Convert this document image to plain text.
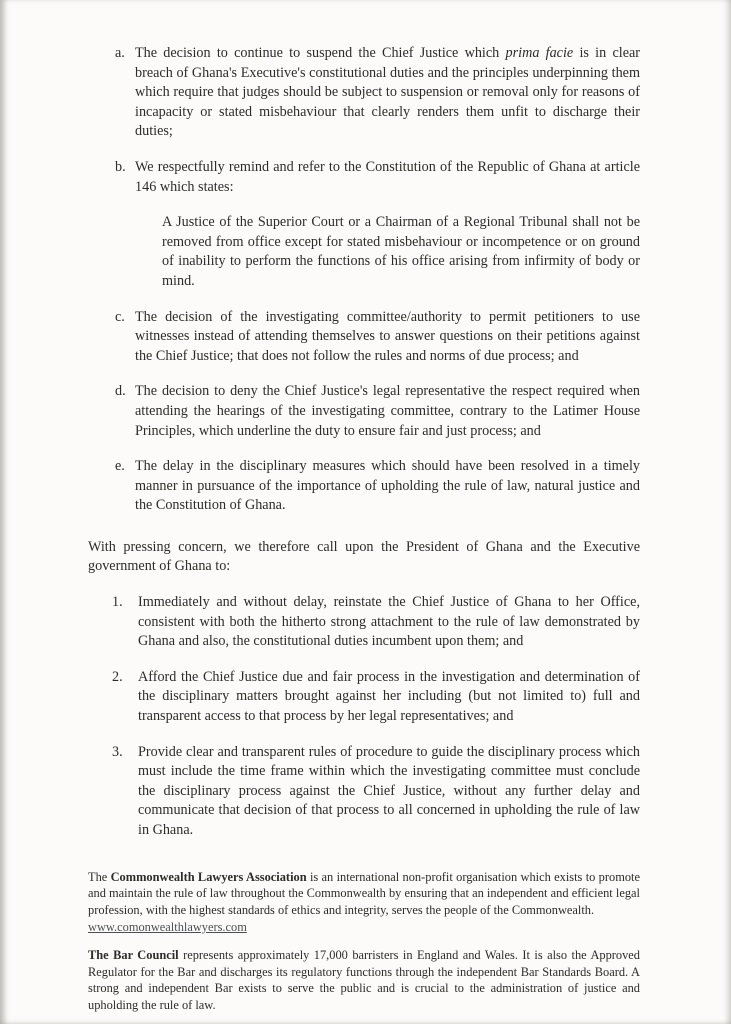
a. The decision to continue to suspend the Chief Justice which prima facie is in clear breach of Ghana's Executive's constitutional duties and the principles underpinning them which require that judges should be subject to suspension or removal only for reasons of incapacity or stated misbehaviour that clearly renders them unfit to discharge their duties;
b. We respectfully remind and refer to the Constitution of the Republic of Ghana at article 146 which states:
A Justice of the Superior Court or a Chairman of a Regional Tribunal shall not be removed from office except for stated misbehaviour or incompetence or on ground of inability to perform the functions of his office arising from infirmity of body or mind.
c. The decision of the investigating committee/authority to permit petitioners to use witnesses instead of attending themselves to answer questions on their petitions against the Chief Justice; that does not follow the rules and norms of due process; and
d. The decision to deny the Chief Justice's legal representative the respect required when attending the hearings of the investigating committee, contrary to the Latimer House Principles, which underline the duty to ensure fair and just process; and
e. The delay in the disciplinary measures which should have been resolved in a timely manner in pursuance of the importance of upholding the rule of law, natural justice and the Constitution of Ghana.
With pressing concern, we therefore call upon the President of Ghana and the Executive government of Ghana to:
1.	Immediately and without delay, reinstate the Chief Justice of Ghana to her Office, consistent with both the hitherto strong attachment to the rule of law demonstrated by Ghana and also, the constitutional duties incumbent upon them; and
2.	Afford the Chief Justice due and fair process in the investigation and determination of the disciplinary matters brought against her including (but not limited to) full and transparent access to that process by her legal representatives; and
3.	Provide clear and transparent rules of procedure to guide the disciplinary process which must include the time frame within which the investigating committee must conclude the disciplinary process against the Chief Justice, without any further delay and communicate that decision of that process to all concerned in upholding the rule of law in Ghana.
The Commonwealth Lawyers Association is an international non-profit organisation which exists to promote and maintain the rule of law throughout the Commonwealth by ensuring that an independent and efficient legal profession, with the highest standards of ethics and integrity, serves the people of the Commonwealth.
www.comonwealthlawyers.com
The Bar Council represents approximately 17,000 barristers in England and Wales. It is also the Approved Regulator for the Bar and discharges its regulatory functions through the independent Bar Standards Board. A strong and independent Bar exists to serve the public and is crucial to the administration of justice and upholding the rule of law.
